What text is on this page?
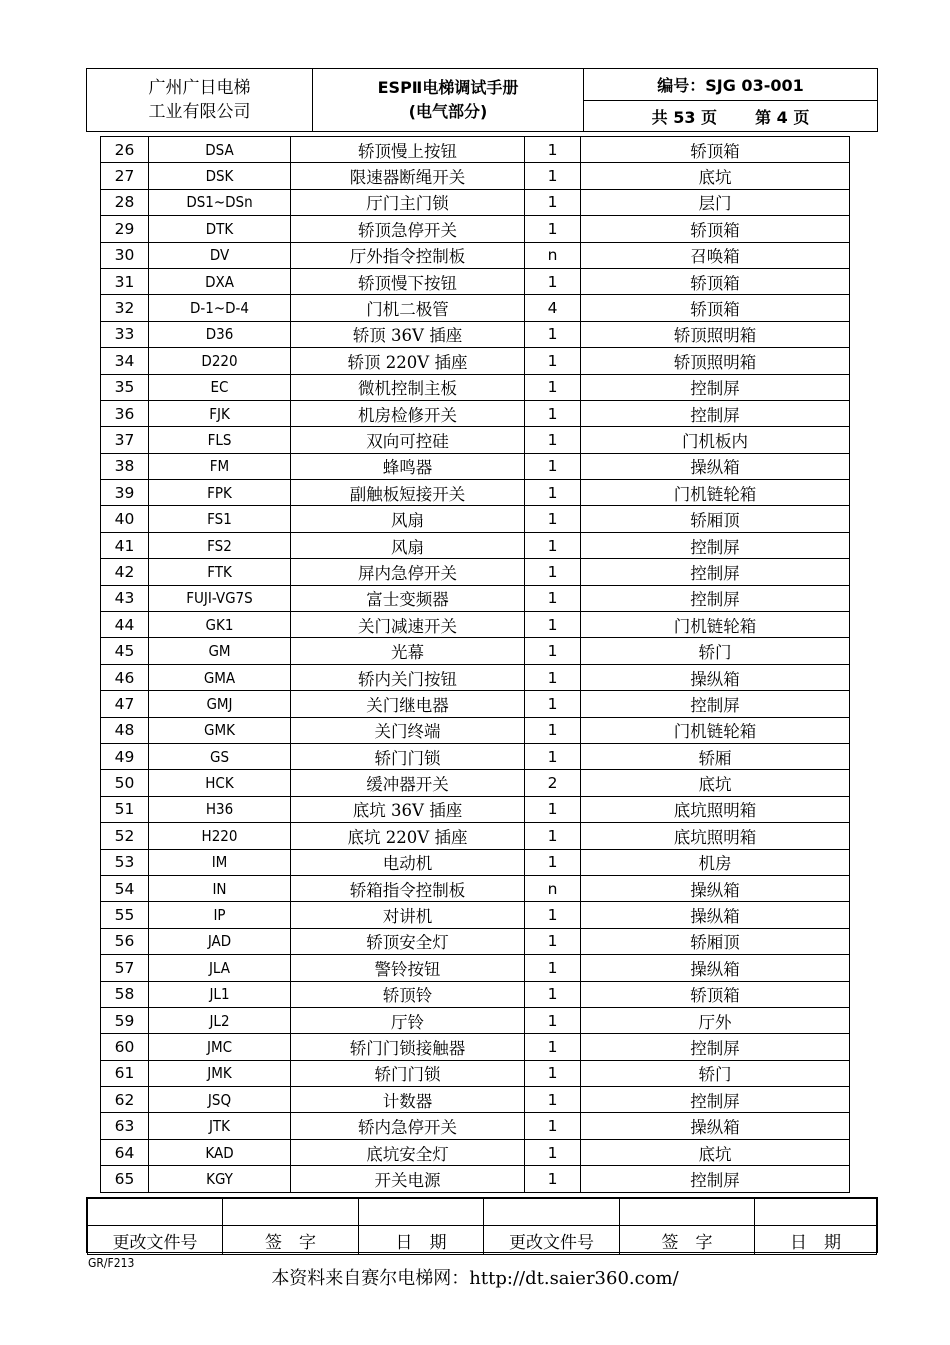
广州广日电梯
工业有限公司
ESPⅡ电梯调试手册
(电气部分)
编号：SJG 03-001
共 53 页 第 4 页
26	DSA	轿顶慢上按钮	1	轿顶箱
27	DSK	限速器断绳开关	1	底坑
28	DS1~DSn	厅门主门锁	1	层门
29	DTK	轿顶急停开关	1	轿顶箱
30	DV	厅外指令控制板	n	召唤箱
31	DXA	轿顶慢下按钮	1	轿顶箱
32	D-1~D-4	门机二极管	4	轿顶箱
33	D36	轿顶 36V 插座	1	轿顶照明箱
34	D220	轿顶 220V 插座	1	轿顶照明箱
35	EC	微机控制主板	1	控制屏
36	FJK	机房检修开关	1	控制屏
37	FLS	双向可控硅	1	门机板内
38	FM	蜂鸣器	1	操纵箱
39	FPK	副触板短接开关	1	门机链轮箱
40	FS1	风扇	1	轿厢顶
41	FS2	风扇	1	控制屏
42	FTK	屏内急停开关	1	控制屏
43	FUJⅠ-VG7S	富士变频器	1	控制屏
44	GK1	关门减速开关	1	门机链轮箱
45	GM	光幕	1	轿门
46	GMA	轿内关门按钮	1	操纵箱
47	GMJ	关门继电器	1	控制屏
48	GMK	关门终端	1	门机链轮箱
49	GS	轿门门锁	1	轿厢
50	HCK	缓冲器开关	2	底坑
51	H36	底坑 36V 插座	1	底坑照明箱
52	H220	底坑 220V 插座	1	底坑照明箱
53	ⅠM	电动机	1	机房
54	ⅠN	轿箱指令控制板	n	操纵箱
55	ⅠP	对讲机	1	操纵箱
56	JAD	轿顶安全灯	1	轿厢顶
57	JLA	警铃按钮	1	操纵箱
58	JL1	轿顶铃	1	轿顶箱
59	JL2	厅铃	1	厅外
60	JMC	轿门门锁接触器	1	控制屏
61	JMK	轿门门锁	1	轿门
62	JSQ	计数器	1	控制屏
63	JTK	轿内急停开关	1	操纵箱
64	KAD	底坑安全灯	1	底坑
65	KGY	开关电源	1	控制屏

更改文件号	签　字	日　期	更改文件号	签　字	日　期
GR/F213
本资料来自赛尔电梯网：http://dt.saier360.com/
